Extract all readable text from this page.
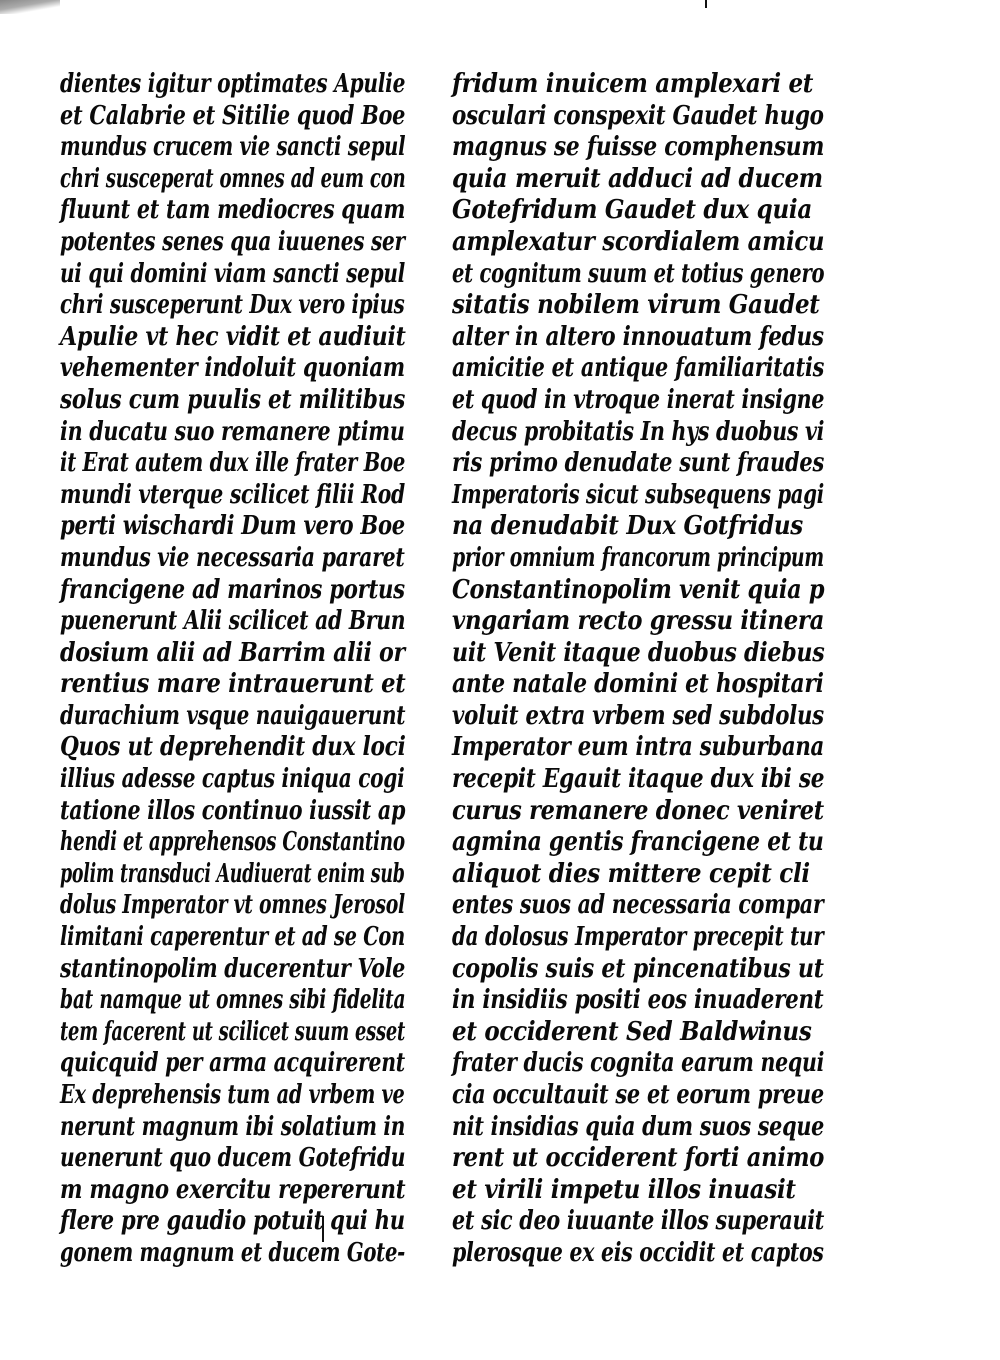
dientes igitur optimates Apulie
et Calabrie et Sitilie quod Boe
mundus crucem vie sancti sepul
chri susceperat omnes ad eum con
fluunt et tam mediocres quam
potentes senes qua iuuenes ser
ui qui domini viam sancti sepul
chri susceperunt Dux vero ipius
Apulie vt hec vidit et audiuit
vehementer indoluit quoniam
solus cum puulis et militibus
in ducatu suo remanere ptimu
it Erat autem dux ille frater Boe
mundi vterque scilicet filii Rod
perti wischardi Dum vero Boe
mundus vie necessaria pararet
francigene ad marinos portus
puenerunt Alii scilicet ad Brun
dosium alii ad Barrim alii or
rentius mare intrauerunt et
durachium vsque nauigauerunt
Quos ut deprehendit dux loci
illius adesse captus iniqua cogi
tatione illos continuo iussit ap
hendi et apprehensos Constantino
polim transduci Audiuerat enim sub
dolus Imperator vt omnes Jerosol
limitani caperentur et ad se Con
stantinopolim ducerentur Vole
bat namque ut omnes sibi fidelita
tem facerent ut scilicet suum esset
quicquid per arma acquirerent
Ex deprehensis tum ad vrbem ve
nerunt magnum ibi solatium in
uenerunt quo ducem Gotefridu
m magno exercitu repererunt
flere pre gaudio potuit qui hu
gonem magnum et ducem Gote-
fridum inuicem amplexari et
osculari conspexit Gaudet hugo
magnus se fuisse comphensum
quia meruit adduci ad ducem
Gotefridum Gaudet dux quia
amplexatur scordialem amicu
et cognitum suum et totius genero
sitatis nobilem virum Gaudet
alter in altero innouatum fedus
amicitie et antique familiaritatis
et quod in vtroque inerat insigne
decus probitatis In hys duobus vi
ris primo denudate sunt fraudes
Imperatoris sicut subsequens pagi
na denudabit Dux Gotfridus
prior omnium francorum principum
Constantinopolim venit quia p
vngariam recto gressu itinera
uit Venit itaque duobus diebus
ante natale domini et hospitari
voluit extra vrbem sed subdolus
Imperator eum intra suburbana
recepit Egauit itaque dux ibi se
curus remanere donec veniret
agmina gentis francigene et tu
aliquot dies mittere cepit cli
entes suos ad necessaria compar
da dolosus Imperator precepit tur
copolis suis et pincenatibus ut
in insidiis positi eos inuaderent
et occiderent Sed Baldwinus
frater ducis cognita earum nequi
cia occultauit se et eorum preue
nit insidias quia dum suos seque
rent ut occiderent forti animo
et virili impetu illos inuasit
et sic deo iuuante illos superauit
plerosque ex eis occidit et captos
